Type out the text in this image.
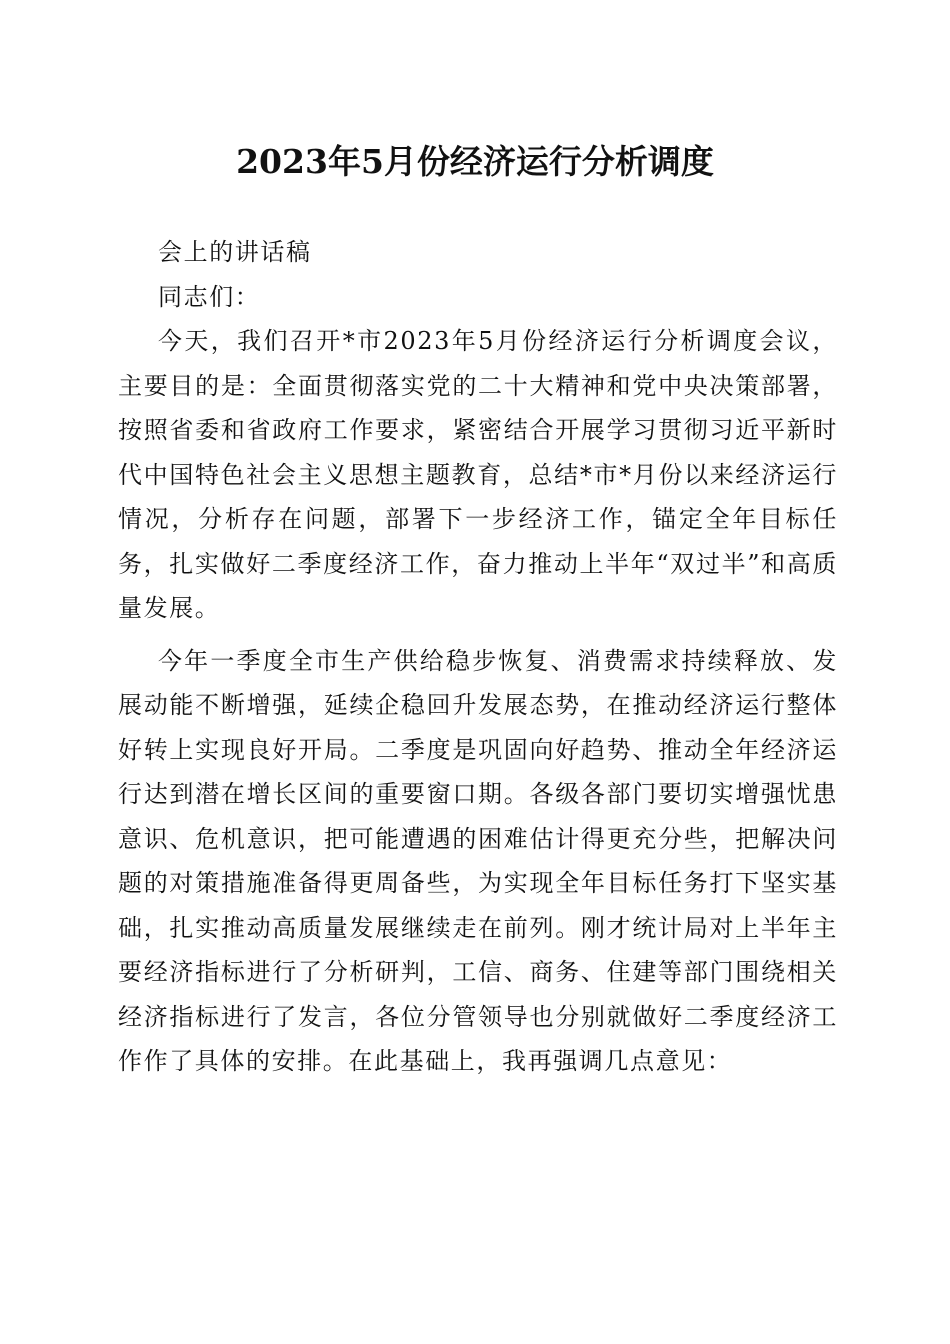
2023年5月份经济运行分析调度

会上的讲话稿

同志们：

今天，我们召开*市2023年5月份经济运行分析调度会议，主要目的是：全面贯彻落实党的二十大精神和党中央决策部署，按照省委和省政府工作要求，紧密结合开展学习贯彻习近平新时代中国特色社会主义思想主题教育，总结*市*月份以来经济运行情况，分析存在问题，部署下一步经济工作，锚定全年目标任务，扎实做好二季度经济工作，奋力推动上半年“双过半”和高质量发展。

今年一季度全市生产供给稳步恢复、消费需求持续释放、发展动能不断增强，延续企稳回升发展态势，在推动经济运行整体好转上实现良好开局。二季度是巩固向好趋势、推动全年经济运行达到潜在增长区间的重要窗口期。各级各部门要切实增强忧患意识、危机意识，把可能遭遇的困难估计得更充分些，把解决问题的对策措施准备得更周备些，为实现全年目标任务打下坚实基础，扎实推动高质量发展继续走在前列。刚才统计局对上半年主要经济指标进行了分析研判，工信、商务、住建等部门围绕相关经济指标进行了发言，各位分管领导也分别就做好二季度经济工作作了具体的安排。在此基础上，我再强调几点意见：
